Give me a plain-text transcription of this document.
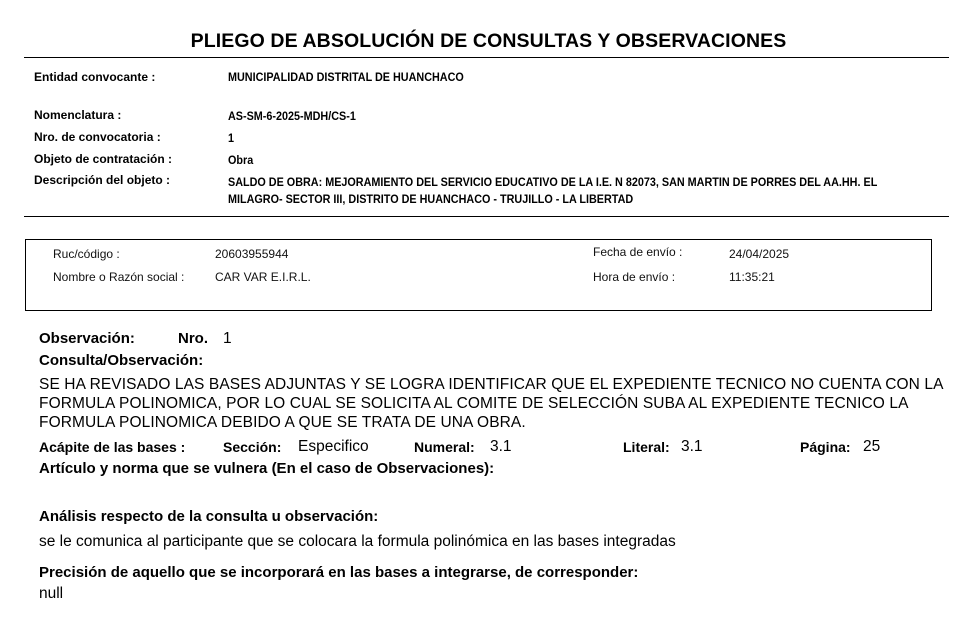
PLIEGO DE ABSOLUCIÓN DE CONSULTAS Y OBSERVACIONES
Entidad convocante :	MUNICIPALIDAD DISTRITAL DE HUANCHACO
Nomenclatura :	AS-SM-6-2025-MDH/CS-1
Nro. de convocatoria :	1
Objeto de contratación :	Obra
Descripción del objeto :	SALDO DE OBRA: MEJORAMIENTO DEL SERVICIO EDUCATIVO DE LA I.E. N 82073, SAN MARTIN DE PORRES DEL AA.HH. EL MILAGRO- SECTOR III, DISTRITO DE HUANCHACO - TRUJILLO - LA LIBERTAD
Ruc/código :	20603955944
Nombre o Razón social :	CAR VAR E.I.R.L.
Fecha de envío :	24/04/2025
Hora de envío :	11:35:21
Observación:	Nro. 1
Consulta/Observación:
SE HA REVISADO LAS BASES ADJUNTAS Y SE LOGRA IDENTIFICAR QUE EL EXPEDIENTE TECNICO NO CUENTA CON LA FORMULA POLINOMICA, POR LO CUAL SE SOLICITA AL COMITE DE SELECCIÓN SUBA AL EXPEDIENTE TECNICO LA FORMULA POLINOMICA DEBIDO A QUE SE TRATA DE UNA OBRA.
Acápite de las bases :	Sección: Especifico	Numeral: 3.1	Literal: 3.1	Página: 25
Artículo y norma que se vulnera (En el caso de Observaciones):
Análisis respecto de la consulta u observación:
se le comunica al participante que se colocara la formula polinómica en las bases integradas
Precisión de aquello que se incorporará en las bases a integrarse, de corresponder:
null
